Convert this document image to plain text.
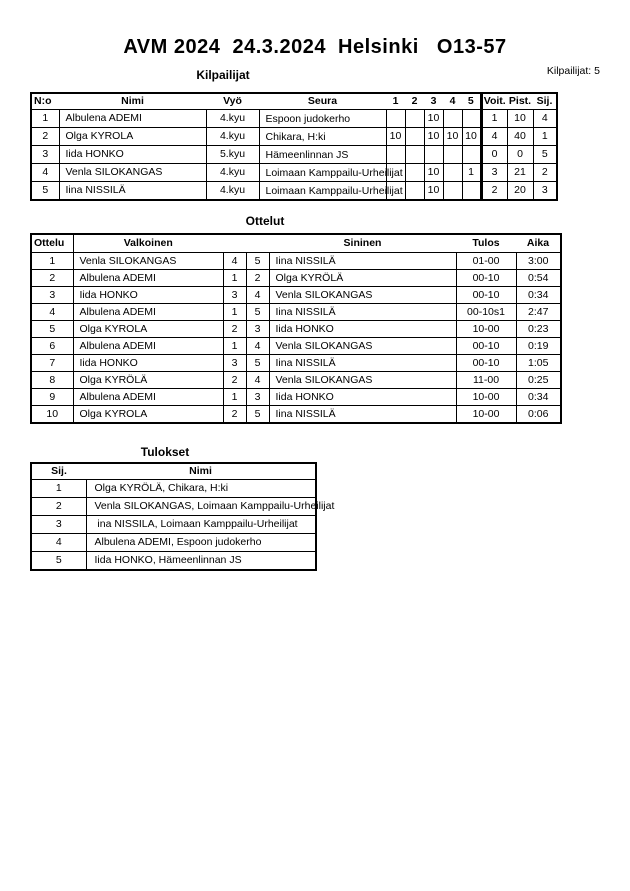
AVM 2024  24.3.2024  Helsinki   O13-57
Kilpailijat: 5
Kilpailijat
N:o	Nimi	Vyö	Seura	1	2	3	4	5	Voit.	Pist.	Sij.
1	Albulena ADEMI	4.kyu	Espoon judokerho			10			1	10	4
2	Olga KYROLA	4.kyu	Chikara, H:ki	10		10	10	10	4	40	1
3	Iida HONKO	5.kyu	Hämeenlinnan JS						0	0	5
4	Venla SILOKANGAS	4.kyu	Loimaan Kamppailu-Urheilijat			10		1	3	21	2
5	Iina NISSILÄ	4.kyu	Loimaan Kamppailu-Urheilijat			10			2	20	3
Ottelut
Ottelu	Valkoinen			Sininen	Tulos	Aika
1	Venla SILOKANGAS	4	5	Iina NISSILÄ	01-00	3:00
2	Albulena ADEMI	1	2	Olga KYRÖLÄ	00-10	0:54
3	Iida HONKO	3	4	Venla SILOKANGAS	00-10	0:34
4	Albulena ADEMI	1	5	Iina NISSILÄ	00-10s1	2:47
5	Olga KYROLA	2	3	Iida HONKO	10-00	0:23
6	Albulena ADEMI	1	4	Venla SILOKANGAS	00-10	0:19
7	Iida HONKO	3	5	Iina NISSILÄ	00-10	1:05
8	Olga KYRÖLÄ	2	4	Venla SILOKANGAS	11-00	0:25
9	Albulena ADEMI	1	3	Iida HONKO	10-00	0:34
10	Olga KYROLA	2	5	Iina NISSILÄ	10-00	0:06
Tulokset
Sij.	Nimi
1	Olga KYRÖLÄ, Chikara, H:ki
2	Venla SILOKANGAS, Loimaan Kamppailu-Urheilijat
3	ina NISSILA, Loimaan Kamppailu-Urheilijat
4	Albulena ADEMI, Espoon judokerho
5	Iida HONKO, Hämeenlinnan JS
